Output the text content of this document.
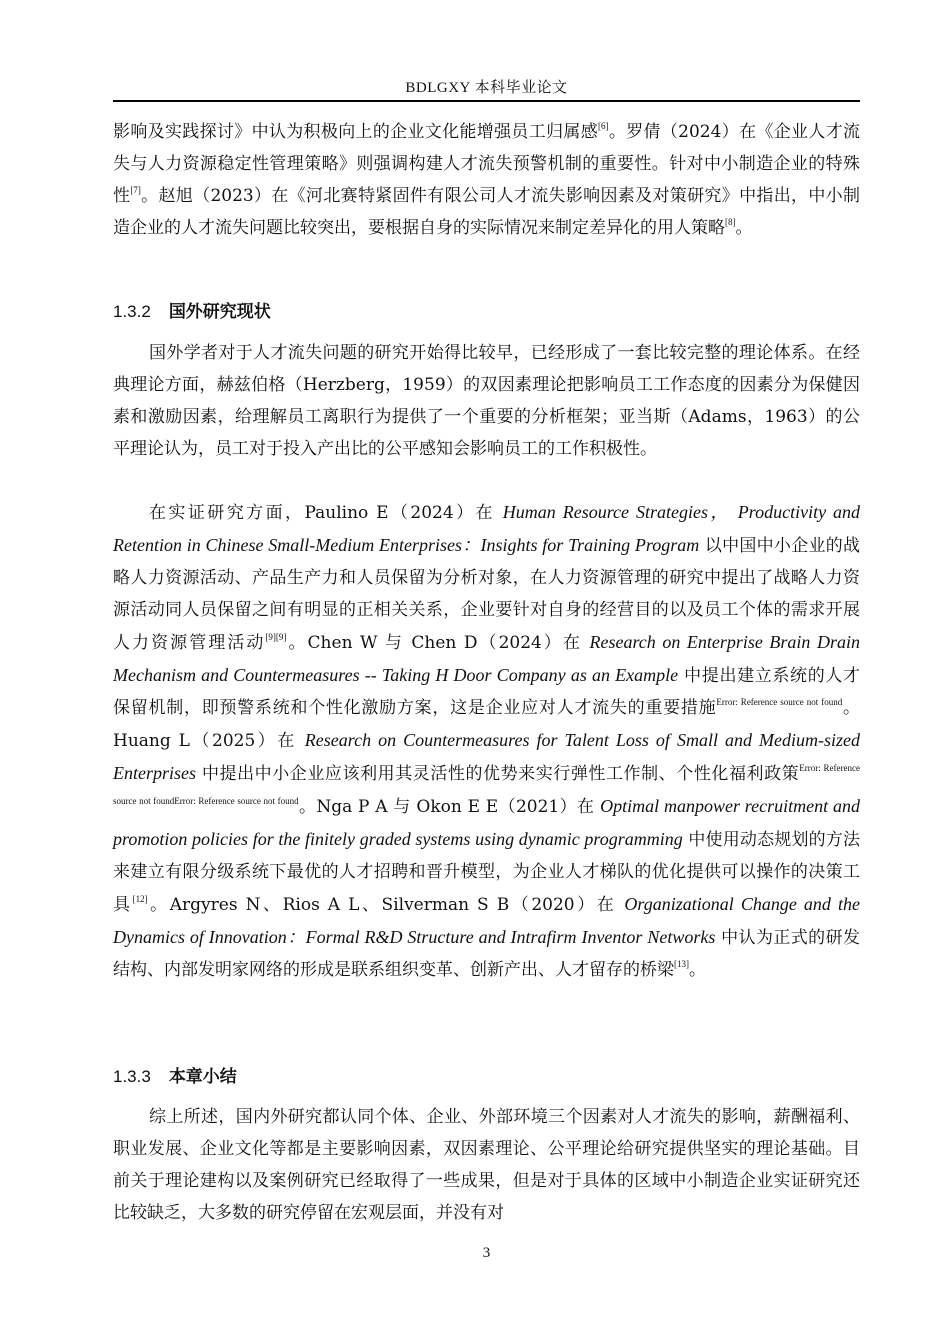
BDLGXY 本科毕业论文

影响及实践探讨》中认为积极向上的企业文化能增强员工归属感[6]。罗倩（2024）在《企业人才流失与人力资源稳定性管理策略》则强调构建人才流失预警机制的重要性。针对中小制造企业的特殊性[7]。赵旭（2023）在《河北赛特紧固件有限公司人才流失影响因素及对策研究》中指出，中小制造企业的人才流失问题比较突出，要根据自身的实际情况来制定差异化的用人策略[8]。

1.3.2 国外研究现状

国外学者对于人才流失问题的研究开始得比较早，已经形成了一套比较完整的理论体系。在经典理论方面，赫兹伯格（Herzberg，1959）的双因素理论把影响员工工作态度的因素分为保健因素和激励因素，给理解员工离职行为提供了一个重要的分析框架；亚当斯（Adams，1963）的公平理论认为，员工对于投入产出比的公平感知会影响员工的工作积极性。

在实证研究方面，Paulino E（2024）在 Human Resource Strategies， Productivity and Retention in Chinese Small-Medium Enterprises：Insights for Training Program 以中国中小企业的战略人力资源活动、产品生产力和人员保留为分析对象，在人力资源管理的研究中提出了战略人力资源活动同人员保留之间有明显的正相关关系，企业要针对自身的经营目的以及员工个体的需求开展人力资源管理活动[9][9]。Chen W 与 Chen D（2024）在 Research on Enterprise Brain Drain Mechanism and Countermeasures -- Taking H Door Company as an Example 中提出建立系统的人才保留机制，即预警系统和个性化激励方案，这是企业应对人才流失的重要措施$^{Error: Reference source not found}$。Huang L（2025）在 Research on Countermeasures for Talent Loss of Small and Medium-sized Enterprises 中提出中小企业应该利用其灵活性的优势来实行弹性工作制、个性化福利政策$^{Error: Reference source not foundError: Reference source not found}$。Nga P A 与 Okon E E（2021）在 Optimal manpower recruitment and promotion policies for the finitely graded systems using dynamic programming 中使用动态规划的方法来建立有限分级系统下最优的人才招聘和晋升模型，为企业人才梯队的优化提供可以操作的决策工具[12]。Argyres N、Rios A L、Silverman S B（2020）在 Organizational Change and the Dynamics of Innovation：Formal R&D Structure and Intrafirm Inventor Networks 中认为正式的研发结构、内部发明家网络的形成是联系组织变革、创新产出、人才留存的桥梁[13]。

1.3.3 本章小结

综上所述，国内外研究都认同个体、企业、外部环境三个因素对人才流失的影响，薪酬福利、职业发展、企业文化等都是主要影响因素，双因素理论、公平理论给研究提供坚实的理论基础。目前关于理论建构以及案例研究已经取得了一些成果，但是对于具体的区域中小制造企业实证研究还比较缺乏，大多数的研究停留在宏观层面，并没有对

3
